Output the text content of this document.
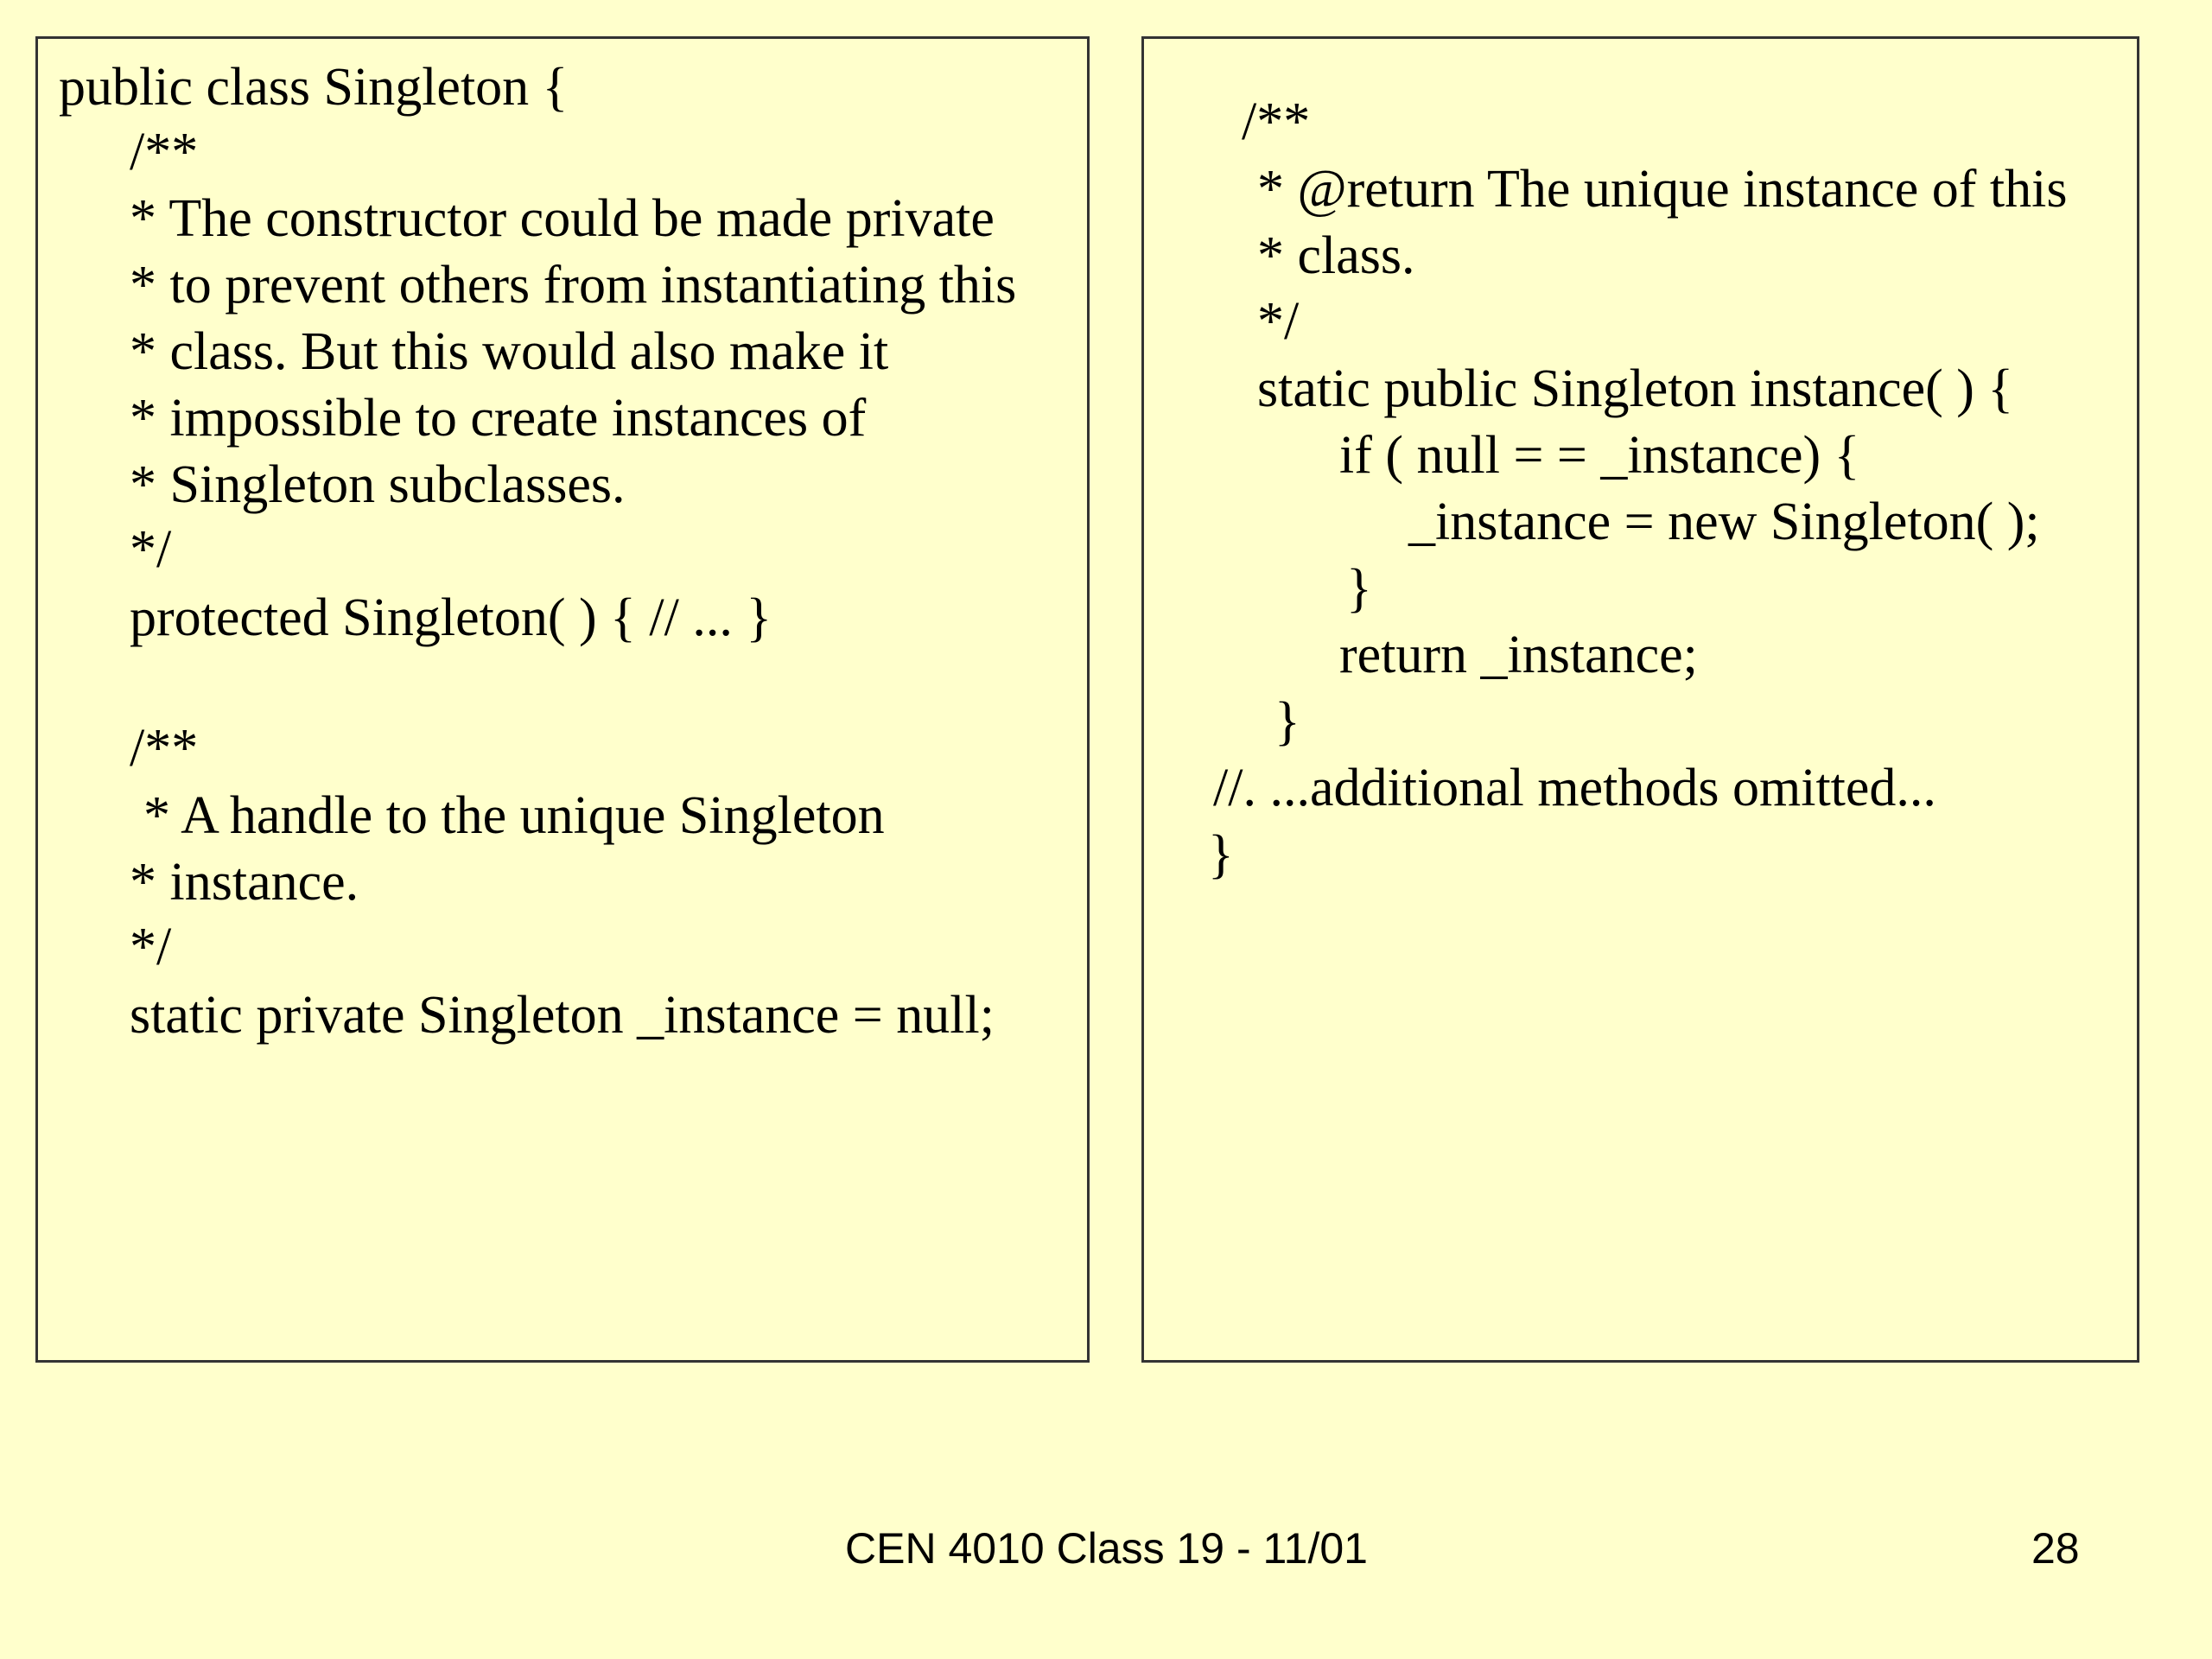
public class Singleton {
/**
* The constructor could be made private
* to prevent others from instantiating this
* class. But this would also make it
* impossible to create instances of
* Singleton subclasses.
*/
protected Singleton( ) { // ... }
/**
* A handle to the unique Singleton
* instance.
*/
static private Singleton _instance = null;
/**
* @return The unique instance of this
* class.
*/
static public Singleton instance( ) {
if ( null = = _instance) {
_instance = new Singleton( );
}
return _instance;
}
//. ...additional methods omitted...
}
CEN 4010 Class 19 - 11/01	28
